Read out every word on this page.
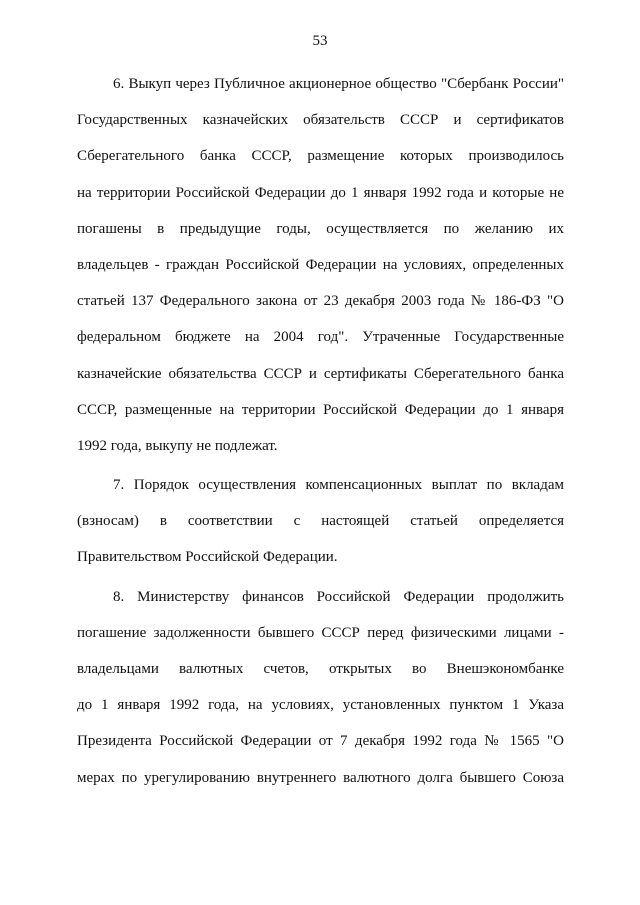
53
6. Выкуп через Публичное акционерное общество "Сбербанк России"
Государственных казначейских обязательств СССР и сертификатов
Сберегательного банка СССР, размещение которых производилось
на территории Российской Федерации до 1 января 1992 года и которые не
погашены в предыдущие годы, осуществляется по желанию их
владельцев - граждан Российской Федерации на условиях, определенных
статьей 137 Федерального закона от 23 декабря 2003 года № 186-ФЗ "О
федеральном бюджете на 2004 год". Утраченные Государственные
казначейские обязательства СССР и сертификаты Сберегательного банка
СССР, размещенные на территории Российской Федерации до 1 января
1992 года, выкупу не подлежат.
7. Порядок осуществления компенсационных выплат по вкладам
(взносам) в соответствии с настоящей статьей определяется
Правительством Российской Федерации.
8. Министерству финансов Российской Федерации продолжить
погашение задолженности бывшего СССР перед физическими лицами -
владельцами валютных счетов, открытых во Внешэкономбанке
до 1 января 1992 года, на условиях, установленных пунктом 1 Указа
Президента Российской Федерации от 7 декабря 1992 года № 1565 "О
мерах по урегулированию внутреннего валютного долга бывшего Союза
